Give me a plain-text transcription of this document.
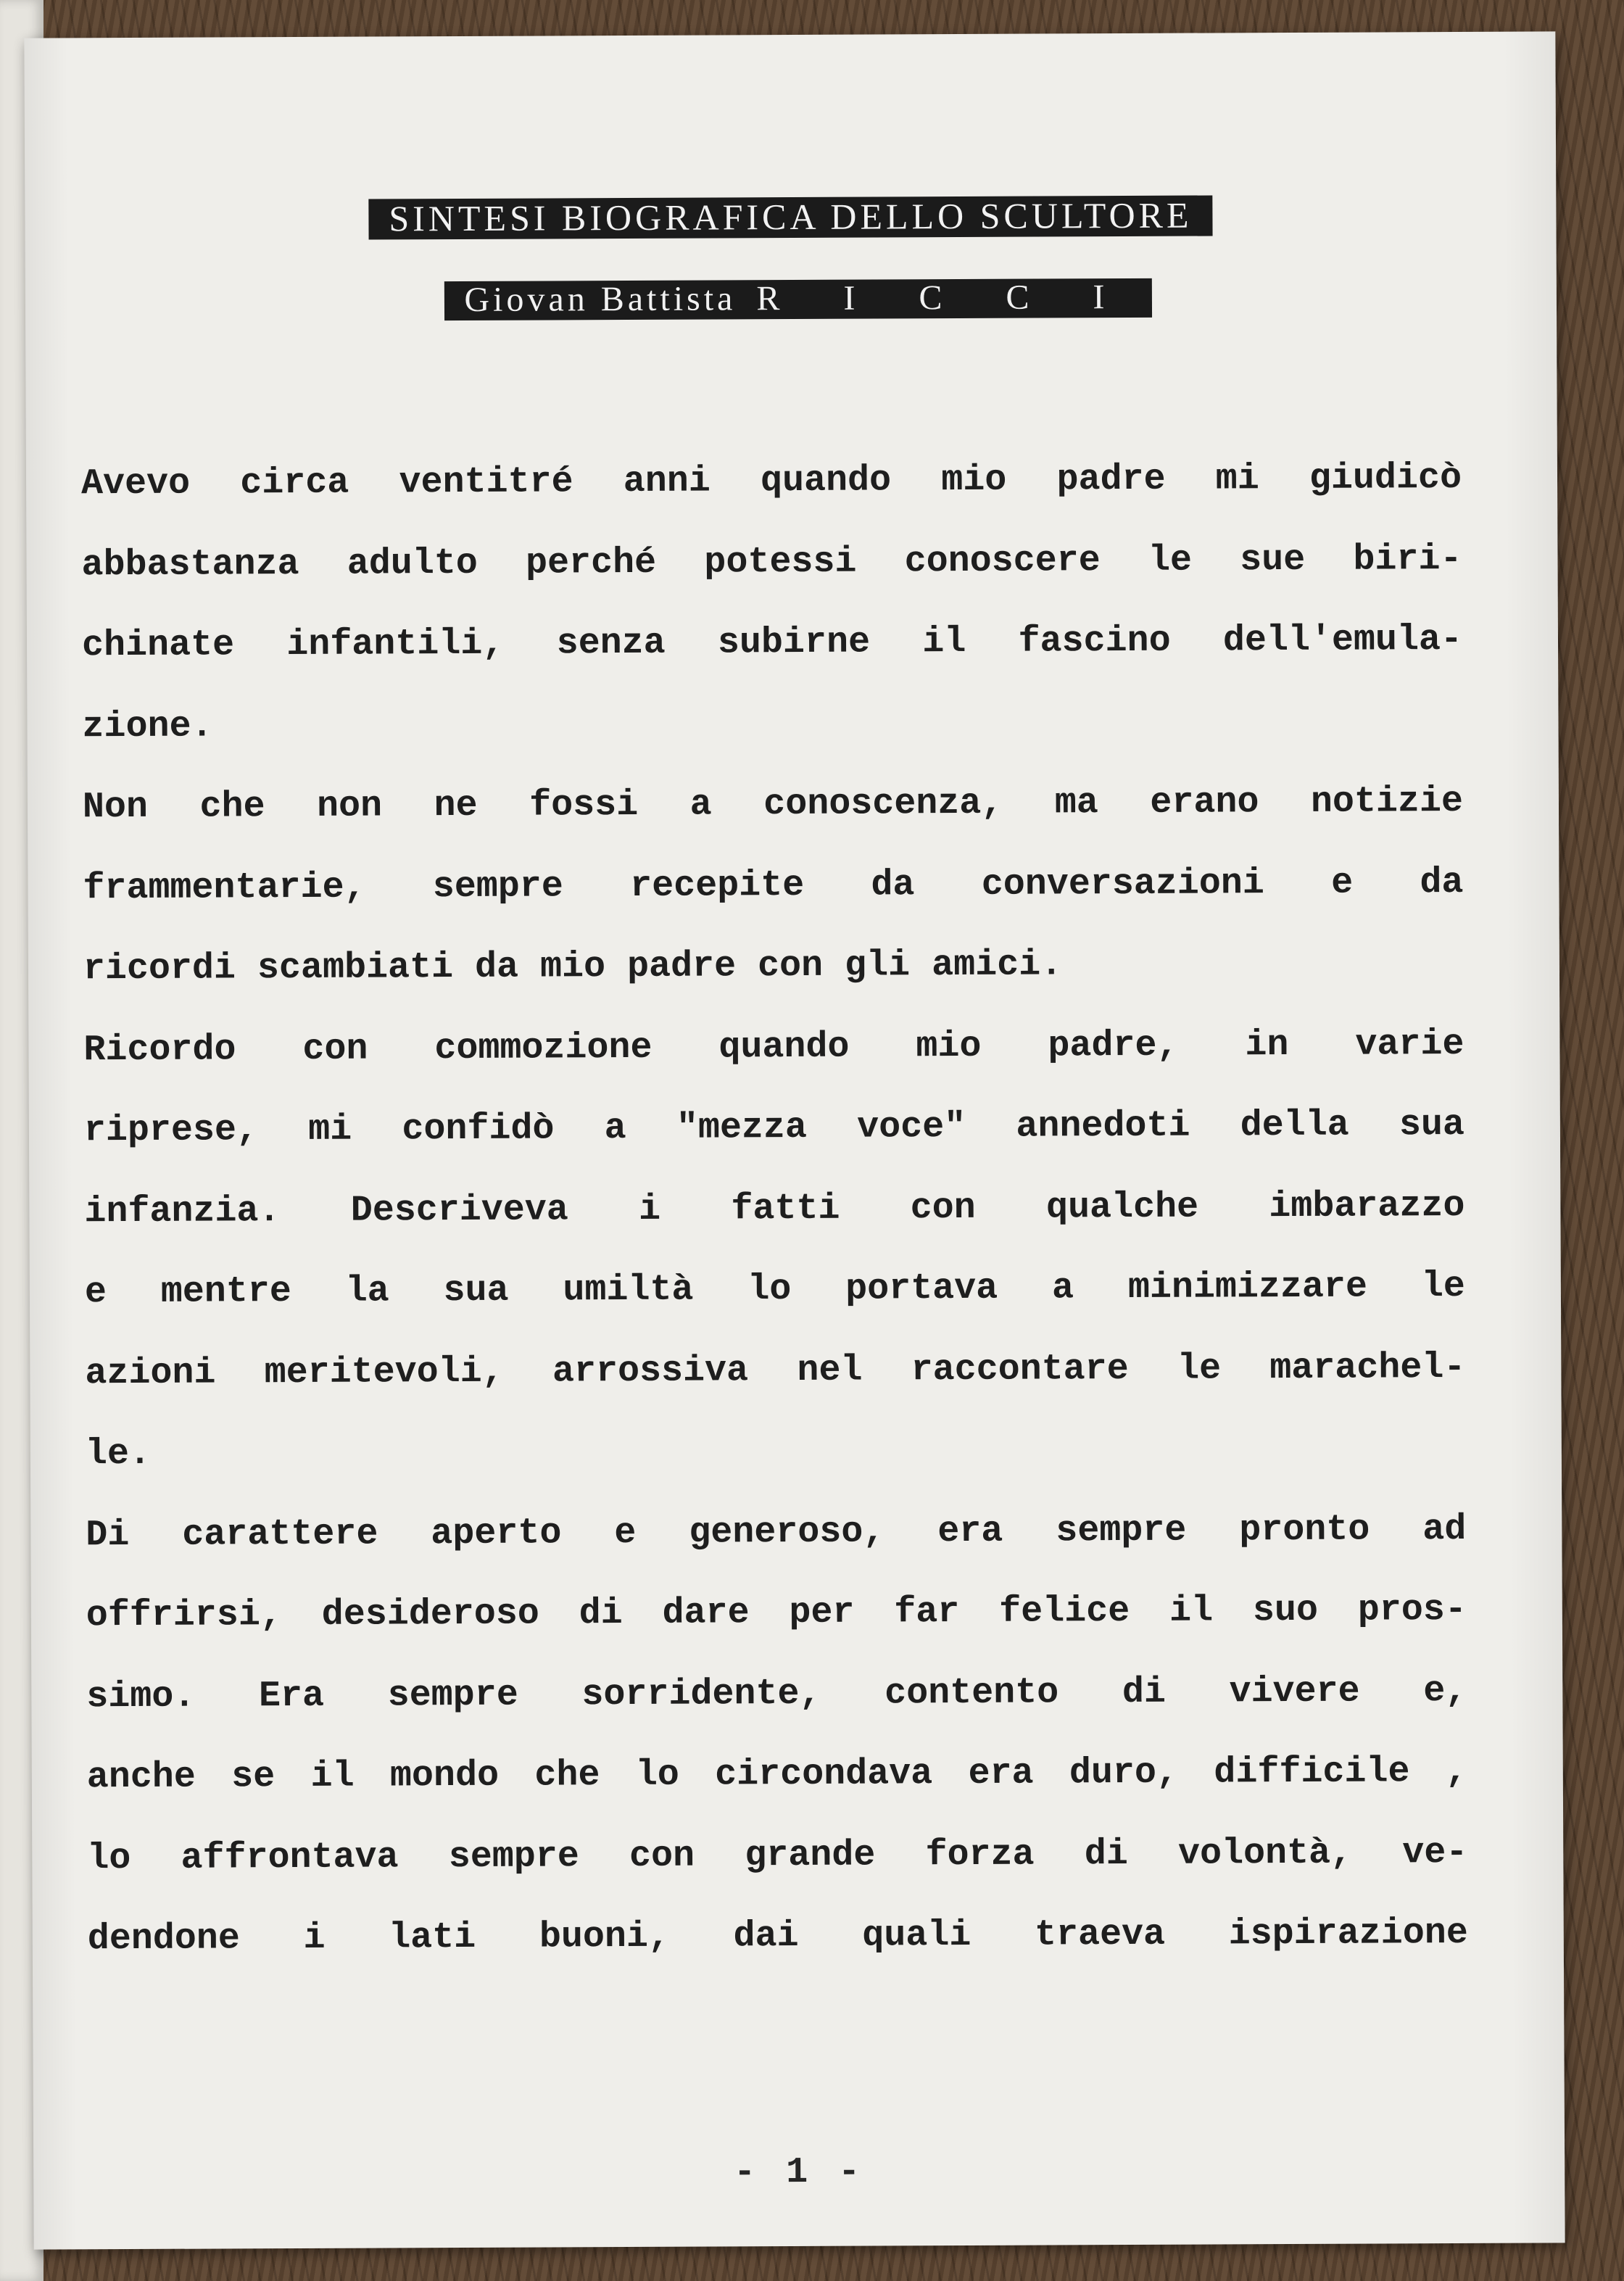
SINTESI BIOGRAFICA DELLO SCULTORE
Giovan Battista R I C C I
Avevo circa ventitré anni quando mio padre mi giudicò
abbastanza adulto perché potessi conoscere le sue biri-
chinate infantili, senza subirne il fascino dell'emula-
zione.
Non che non ne fossi a conoscenza, ma erano notizie
frammentarie, sempre recepite da conversazioni e da
ricordi scambiati da mio padre con gli amici.
Ricordo con commozione quando mio padre, in varie
riprese, mi confidò a "mezza voce" annedoti della sua
infanzia. Descriveva i fatti con qualche imbarazzo
e mentre la sua umiltà lo portava a minimizzare le
azioni meritevoli, arrossiva nel raccontare le marachel-
le.
Di carattere aperto e generoso, era sempre pronto ad
offrirsi, desideroso di dare per far felice il suo pros-
simo. Era sempre sorridente, contento di vivere e,
anche se il mondo che lo circondava era duro, difficile ,
lo affrontava sempre con grande forza di volontà, ve-
dendone i lati buoni, dai quali traeva ispirazione
- 1 -
